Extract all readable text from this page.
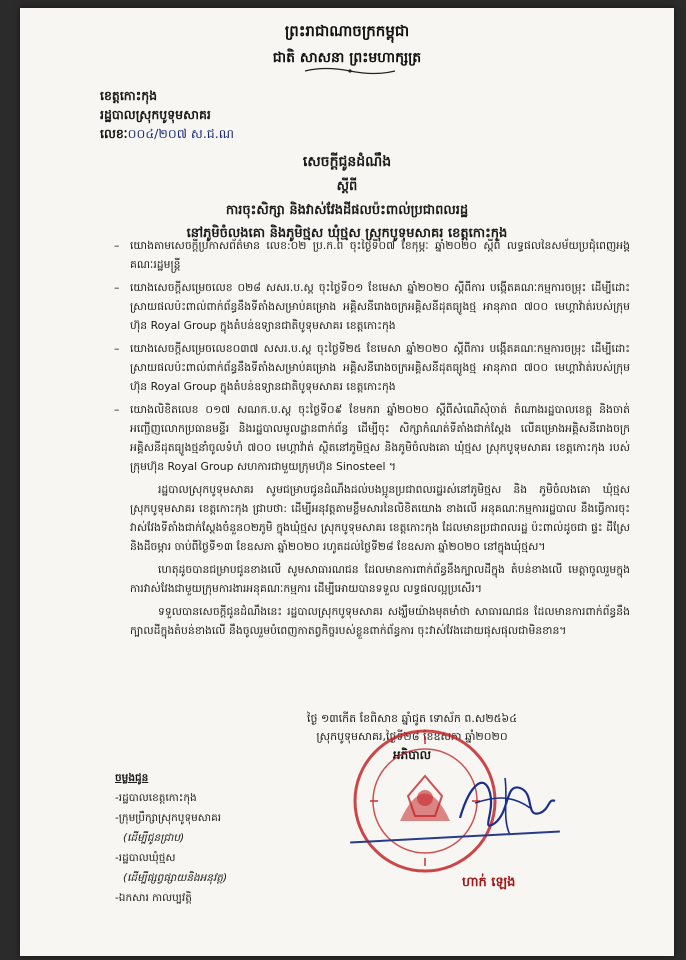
ព្រះរាជាណាចក្រកម្ពុជា
ជាតិ សាសនា ព្រះមហាក្សត្រ
ខេត្តកោះកុង
រដ្ឋបាលស្រុកបូទុមសាគរ
លេខៈ០០៤/២០៧ ស.ជ.ណ
សេចក្តីជូនដំណឹង
ស្តីពី
ការចុះសិក្សា និងវាស់វែងដីផលប៉ះពាល់ប្រជាពលរដ្ឋ
នៅភូមិចំលងគោ និងភូមិថ្មស ឃុំថ្មស ស្រុកបូទុមសាគរ ខេត្តកោះកុង

– យោងតាមសេចក្តីប្រកាសព័ត៌មាន លេខ:០២ ប្រ.ក.ព ចុះថ្ងៃទី០៧ ខែកុម្ភៈ ឆ្នាំ២០២០ ស្តីពី លទ្ធផលនៃសម័យប្រជុំពេញអង្គគណៈរដ្ឋមន្ត្រី

– យោងសេចក្តីសម្រេចលេខ ០២៨ សសរ.ប.ស្ត ចុះថ្ងៃទី០១ ខែមេសា ឆ្នាំ២០២០ ស្តីពីការ បង្កើតគណៈកម្មការចម្រុះ ដើម្បីដោះស្រាយផលប៉ះពាល់ពាក់ព័ន្ធនឹងទីតាំងសម្រាប់គម្រោង អគ្គិសនីរោងចក្រអគ្គិសនីដុតធ្យូងថ្ម អានុភាព ៧០០ មេហ្គាវ៉ាត់របស់ក្រុមហ៊ុន Royal Group ក្នុងតំបន់ឧទ្យានជាតិបូទុមសាគរ ខេត្តកោះកុង

– យោងសេចក្តីសម្រេចលេខ០៣៧ សសរ.ប.ស្ត ចុះថ្ងៃទី២៥ ខែមេសា ឆ្នាំ២០២០ ស្តីពីការ បង្កើតគណៈកម្មការចម្រុះ ដើម្បីដោះស្រាយផលប៉ះពាល់ពាក់ព័ន្ធនឹងទីតាំងសម្រាប់គម្រោង អគ្គិសនីរោងចក្រអគ្គិសនីដុតធ្យូងថ្ម អានុភាព ៧០០ មេហ្គាវ៉ាត់របស់ក្រុមហ៊ុន Royal Group ក្នុងតំបន់ឧទ្យានជាតិបូទុមសាគរ ខេត្តកោះកុង

– យោងលិខិតលេខ ០១៧ សណក.ប.ស្ត ចុះថ្ងៃទី០៩ ខែមករា ឆ្នាំ២០២០ ស្តីពីសំណើសុំចាត់ តំណាងរដ្ឋបាលខេត្ត និងចាត់អញ្ជើញលោកប្រធានមន្ទីរ និងរដ្ឋបាលមូលដ្ឋានពាក់ព័ន្ធ ដើម្បីចុះ សិក្សាកំណត់ទីតាំងជាក់ស្តែង លើគម្រោងអគ្គិសនីរោងចក្រអគ្គិសនីដុតធ្យូងថ្មនាំចូលទំហំ ៧០០ មេហ្គាវ៉ាត់ ស្ថិតនៅភូមិថ្មស និងភូមិចំលងគោ ឃុំថ្មស ស្រុកបូទុមសាគរ ខេត្តកោះកុង របស់ក្រុមហ៊ុន Royal Group សហការជាមួយក្រុមហ៊ុន Sinosteel ។

រដ្ឋបាលស្រុកបូទុមសាគរ សូមជម្រាបជូនដំណឹងដល់បងប្អូនប្រជាពលរដ្ឋរស់នៅភូមិថ្មស និង ភូមិចំលងគោ ឃុំថ្មស ស្រុកបូទុមសាគរ ខេត្តកោះកុង ជ្រាបថា: ដើម្បីអនុវត្តតាមខ្លឹមសារនៃលិខិតយោង ខាងលើ អនុគណៈកម្មការរដ្ឋបាល នឹងធ្វើការចុះវាស់វែងទីតាំងជាក់ស្តែងចំនួន០២ភូមិ ក្នុងឃុំថ្មស ស្រុកបូទុមសាគរ ខេត្តកោះកុង ដែលមានប្រជាពលរដ្ឋ ប៉ះពាល់ដូចជា ផ្ទះ ដីស្រែ និងដីចម្ការ ចាប់ពីថ្ងៃទី១៣ ខែឧសភា ឆ្នាំ២០២០ រហូតដល់ថ្ងៃទី២៨ ខែឧសភា ឆ្នាំ២០២០ នៅក្នុងឃុំថ្មស។

ហេតុដូចបានជម្រាបជូនខាងលើ សូមសាធារណជន ដែលមានការពាក់ព័ន្ធនឹងក្បាលដីក្នុង តំបន់ខាងលើ មេត្តាចូលរួមក្នុងការវាស់វែងជាមួយក្រុមការងារអនុគណៈកម្មការ ដើម្បីអោយបានទទួល លទ្ធផលល្អប្រសើរ។

ទទួលបានសេចក្តីជូនដំណឹងនេះ រដ្ឋបាលស្រុកបូទុមសាគរ សង្ឃឹមយ៉ាងមុតមាំថា សាធារណជន ដែលមានការពាក់ព័ន្ធនឹងក្បាលដីក្នុងតំបន់ខាងលើ នឹងចូលរួមបំពេញកាតព្វកិច្ចរបស់ខ្លួនពាក់ព័ន្ធការ ចុះវាស់វែងដោយផុសផុលជាមិនខាន។

ថ្ងៃ ១៣កើត ខែពិសាខ ឆ្នាំជូត ទោស័ក ព.ស២៥៦៤
ស្រុកបូទុមសាគរ,ថ្ងៃទី២៨ ខែឧសភា ឆ្នាំ២០២០
អភិបាល
ហាក់ ឡេង
ចម្លងជូន
-រដ្ឋបាលខេត្តកោះកុង
-ក្រុមប្រឹក្សាស្រុកបូទុមសាគរ
(ដើម្បីជូនជ្រាប)
-រដ្ឋបាលឃុំថ្មស
(ដើម្បីផ្សព្វផ្សាយនិងអនុវត្ត)
-ឯកសារ កាលប្បវត្តិ
